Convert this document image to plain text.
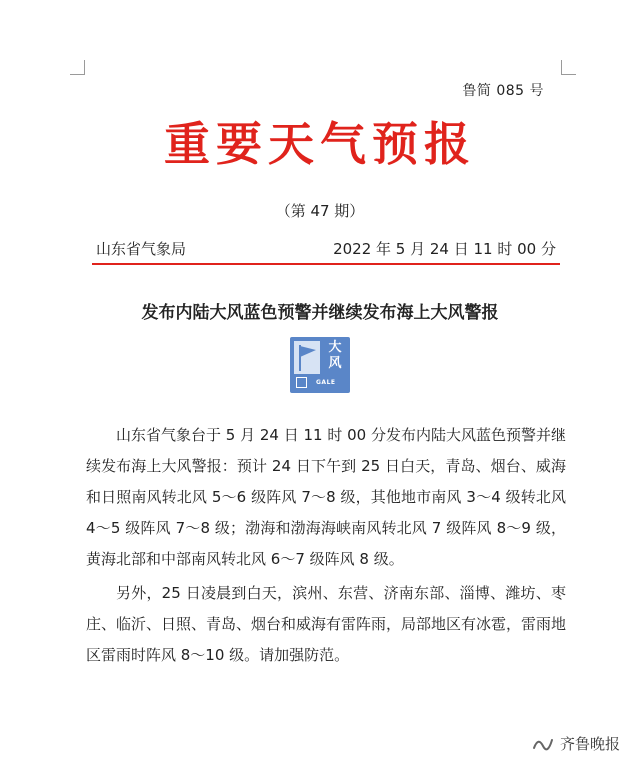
鲁简 085 号
重要天气预报
（第 47 期）
山东省气象局	2022 年 5 月 24 日 11 时 00 分
发布内陆大风蓝色预警并继续发布海上大风警报
大
风
GALE

山东省气象台于 5 月 24 日 11 时 00 分发布内陆大风蓝色预警并继续发布海上大风警报：预计 24 日下午到 25 日白天，青岛、烟台、威海和日照南风转北风 5～6 级阵风 7～8 级，其他地市南风 3～4 级转北风 4～5 级阵风 7～8 级；渤海和渤海海峡南风转北风 7 级阵风 8～9 级，黄海北部和中部南风转北风 6～7 级阵风 8 级。

另外，25 日凌晨到白天，滨州、东营、济南东部、淄博、潍坊、枣庄、临沂、日照、青岛、烟台和威海有雷阵雨，局部地区有冰雹，雷雨地区雷雨时阵风 8～10 级。请加强防范。

齐鲁晚报
